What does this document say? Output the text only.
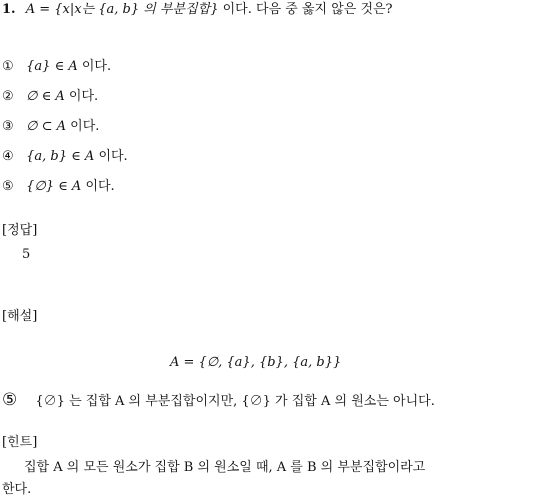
1. A = {x|x는 {a, b} 의 부분집합} 이다. 다음 중 옳지 않은 것은?
① {a} ∈ A 이다.
② ∅ ∈ A 이다.
③ ∅ ⊂ A 이다.
④ {a, b} ∈ A 이다.
⑤ {∅} ∈ A 이다.
[정답]
5
[해설]
A = {∅, {a}, {b}, {a, b}}
⑤ {∅} 는 집합 A 의 부분집합이지만, {∅} 가 집합 A 의 원소는 아니다.
[힌트]
집합 A 의 모든 원소가 집합 B 의 원소일 때, A 를 B 의 부분집합이라고
한다.
